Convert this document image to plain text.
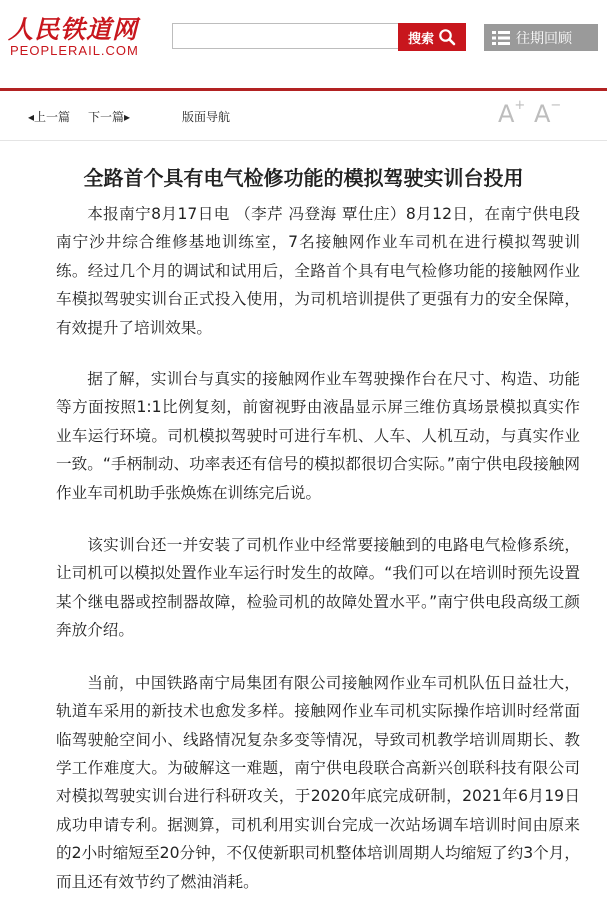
人民铁道网
PEOPLERAIL.COM
搜索	往期回顾
◂上一篇 下一篇▸	版面导航	A+ A−
全路首个具有电气检修功能的模拟驾驶实训台投用

本报南宁8月17日电 （李芹 冯登海 覃仕庄）8月12日，在南宁供电段南宁沙井综合维修基地训练室，7名接触网作业车司机在进行模拟驾驶训练。经过几个月的调试和试用后，全路首个具有电气检修功能的接触网作业车模拟驾驶实训台正式投入使用，为司机培训提供了更强有力的安全保障，有效提升了培训效果。

据了解，实训台与真实的接触网作业车驾驶操作台在尺寸、构造、功能等方面按照1:1比例复刻，前窗视野由液晶显示屏三维仿真场景模拟真实作业车运行环境。司机模拟驾驶时可进行车机、人车、人机互动，与真实作业一致。“手柄制动、功率表还有信号的模拟都很切合实际。”南宁供电段接触网作业车司机助手张焕炼在训练完后说。

该实训台还一并安装了司机作业中经常要接触到的电路电气检修系统，让司机可以模拟处置作业车运行时发生的故障。“我们可以在培训时预先设置某个继电器或控制器故障，检验司机的故障处置水平。”南宁供电段高级工颜奔放介绍。

当前，中国铁路南宁局集团有限公司接触网作业车司机队伍日益壮大，轨道车采用的新技术也愈发多样。接触网作业车司机实际操作培训时经常面临驾驶舱空间小、线路情况复杂多变等情况，导致司机教学培训周期长、教学工作难度大。为破解这一难题，南宁供电段联合高新兴创联科技有限公司对模拟驾驶实训台进行科研攻关，于2020年底完成研制，2021年6月19日成功申请专利。据测算，司机利用实训台完成一次站场调车培训时间由原来的2小时缩短至20分钟，不仅使新职司机整体培训周期人均缩短了约3个月，而且还有效节约了燃油消耗。
